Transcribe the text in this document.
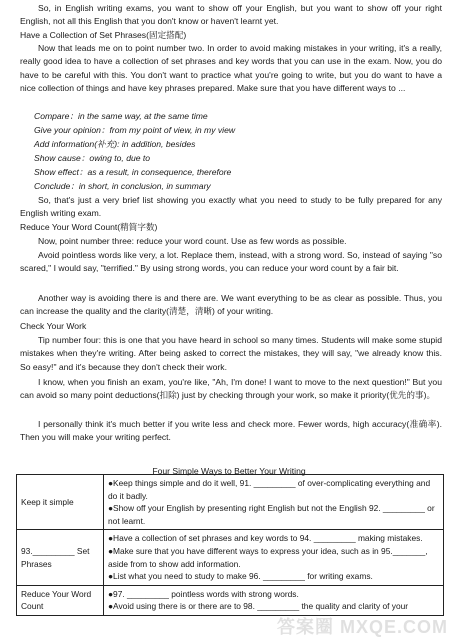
So, in English writing exams, you want to show off your English, but you want to show off your right English, not all this English that you don't know or haven't learnt yet.

Have a Collection of Set Phrases(固定搭配)

Now that leads me on to point number two. In order to avoid making mistakes in your writing, it's a really, really good idea to have a collection of set phrases and key words that you can use in the exam. Now, you do have to be careful with this. You don't want to practice what you're going to write, but you do want to have a nice collection of things and have key phrases prepared. Make sure that you have different ways to ...

Compare：in the same way, at the same time

Give your opinion：from my point of view, in my view

Add information(补充): in addition, besides

Show cause：owing to, due to

Show effect：as a result, in consequence, therefore

Conclude：in short, in conclusion, in summary

So, that's just a very brief list showing you exactly what you need to study to be fully prepared for any English writing exam.

Reduce Your Word Count(精简字数)

Now, point number three: reduce your word count. Use as few words as possible.

Avoid pointless words like very, a lot. Replace them, instead, with a strong word. So, instead of saying "so scared," I would say, "terrified." By using strong words, you can reduce your word count by a fair bit.

Another way is avoiding there is and there are. We want everything to be as clear as possible. Thus, you can increase the quality and the clarity(清楚，清晰) of your writing.

Check Your Work

Tip number four: this is one that you have heard in school so many times. Students will make some stupid mistakes when they're writing. After being asked to correct the mistakes, they will say, "we already know this. So easy!" and it's because they don't check their work.

I know, when you finish an exam, you're like, "Ah, I'm done! I want to move to the next question!" But you can avoid so many point deductions(扣除) just by checking through your work, so make it priority(优先的事)。

I personally think it's much better if you write less and check more. Fewer words, high accuracy(准确率). Then you will make your writing perfect.

Four Simple Ways to Better Your Writing

Keep it simple	●Keep things simple and do it well, 91. _________ of over-complicating everything and do it badly.
●Show off your English by presenting right English but not the English 92. _________ or not learnt.

93._________ Set Phrases	●Have a collection of set phrases and key words to 94. _________ making mistakes.
●Make sure that you have different ways to express your idea, such as in 95._______, aside from to show add information.
●List what you need to study to make 96. _________ for writing exams.

Reduce Your Word Count	●97. _________ pointless words with strong words.
●Avoid using there is or there are to 98. _________ the quality and clarity of your
答案圈 MXQE.COM
